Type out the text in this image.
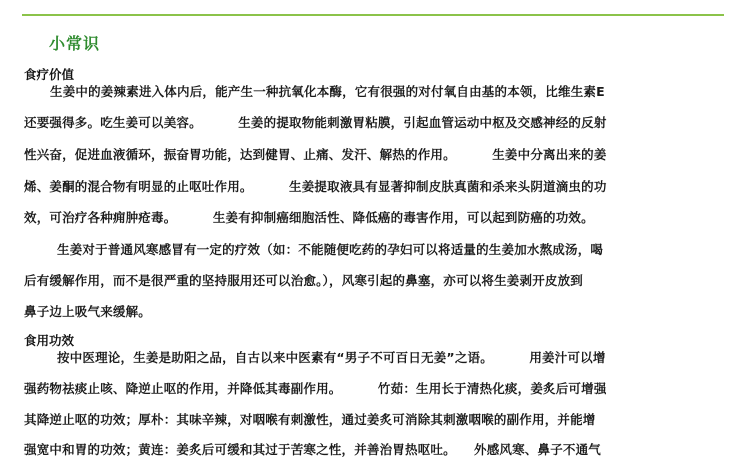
小常识
食疗价值
生姜中的姜辣素进入体内后，能产生一种抗氧化本酶，它有很强的对付氧自由基的本领，比维生素E
还要强得多。吃生姜可以美容。        生姜的提取物能刺激胃粘膜，引起血管运动中枢及交感神经的反射
性兴奋，促进血液循环，振奋胃功能，达到健胃、止痛、发汗、解热的作用。        生姜中分离出来的姜
烯、姜酮的混合物有明显的止呕吐作用。        生姜提取液具有显著抑制皮肤真菌和杀来头阴道滴虫的功
效，可治疗各种痈肿疮毒。        生姜有抑制癌细胞活性、降低癌的毒害作用，可以起到防癌的功效。
生姜对于普通风寒感冒有一定的疗效（如：不能随便吃药的孕妇可以将适量的生姜加水熬成汤，喝
后有缓解作用，而不是很严重的坚持服用还可以治愈。），风寒引起的鼻塞，亦可以将生姜剥开皮放到
鼻子边上吸气来缓解。
食用功效
按中医理论，生姜是助阳之品，自古以来中医素有“男子不可百日无姜”之语。        用姜汁可以增
强药物祛痰止咳、降逆止呕的作用，并降低其毒副作用。        竹茹：生用长于清热化痰，姜炙后可增强
其降逆止呕的功效；厚朴：其味辛辣，对咽喉有刺激性，通过姜炙可消除其刺激咽喉的副作用，并能增
强宽中和胃的功效；黄连：姜炙后可缓和其过于苦寒之性，并善治胃热呕吐。    外感风寒、鼻子不通气
